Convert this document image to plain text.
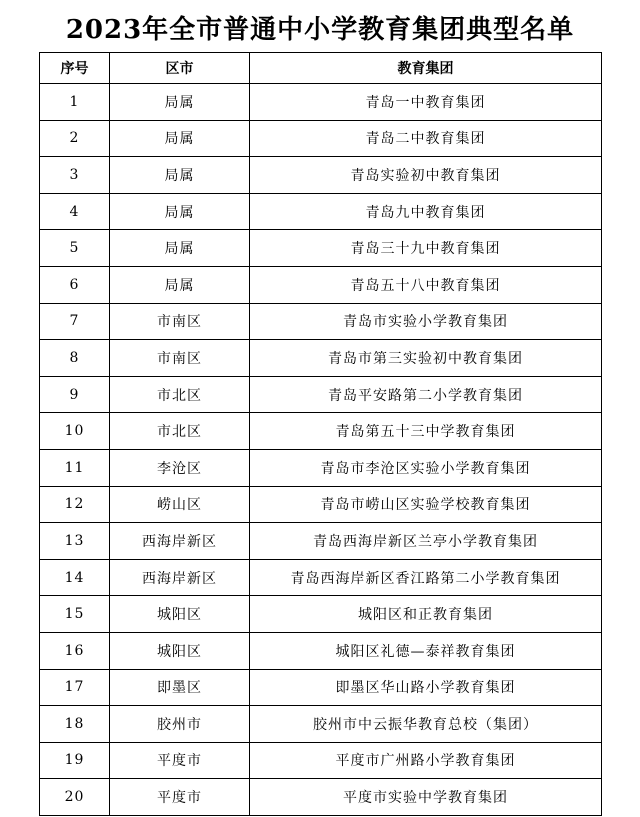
2023年全市普通中小学教育集团典型名单
序号	区市	教育集团
1	局属	青岛一中教育集团
2	局属	青岛二中教育集团
3	局属	青岛实验初中教育集团
4	局属	青岛九中教育集团
5	局属	青岛三十九中教育集团
6	局属	青岛五十八中教育集团
7	市南区	青岛市实验小学教育集团
8	市南区	青岛市第三实验初中教育集团
9	市北区	青岛平安路第二小学教育集团
10	市北区	青岛第五十三中学教育集团
11	李沧区	青岛市李沧区实验小学教育集团
12	崂山区	青岛市崂山区实验学校教育集团
13	西海岸新区	青岛西海岸新区兰亭小学教育集团
14	西海岸新区	青岛西海岸新区香江路第二小学教育集团
15	城阳区	城阳区和正教育集团
16	城阳区	城阳区礼德—泰祥教育集团
17	即墨区	即墨区华山路小学教育集团
18	胶州市	胶州市中云振华教育总校（集团）
19	平度市	平度市广州路小学教育集团
20	平度市	平度市实验中学教育集团
